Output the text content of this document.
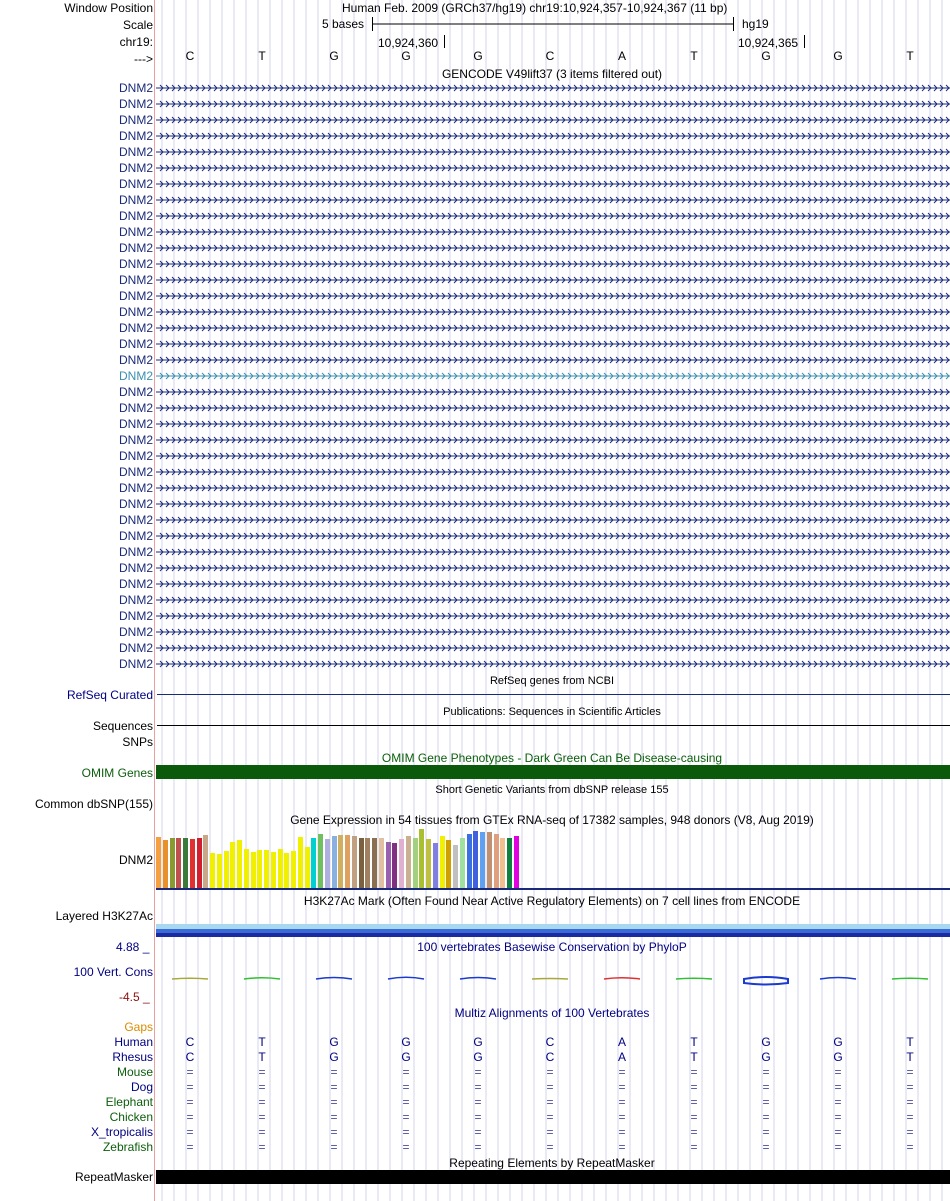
Window Position	Human Feb. 2009 (GRCh37/hg19) chr19:10,924,357-10,924,367 (11 bp)
Scale	5 bases	hg19
chr19:	10,924,360	10,924,365
--->	C	T	G	G	G	C	A	T	G	G	T
GENCODE V49lift37 (3 items filtered out)
DNM2
DNM2
DNM2
DNM2
DNM2
DNM2
DNM2
DNM2
DNM2
DNM2
DNM2
DNM2
DNM2
DNM2
DNM2
DNM2
DNM2
DNM2
DNM2
DNM2
DNM2
DNM2
DNM2
DNM2
DNM2
DNM2
DNM2
DNM2
DNM2
DNM2
DNM2
DNM2
DNM2
DNM2
DNM2
DNM2
DNM2
RefSeq genes from NCBI
RefSeq Curated
Publications: Sequences in Scientific Articles
Sequences
SNPs
OMIM Gene Phenotypes - Dark Green Can Be Disease-causing
OMIM Genes
Short Genetic Variants from dbSNP release 155
Common dbSNP(155)
Gene Expression in 54 tissues from GTEx RNA-seq of 17382 samples, 948 donors (V8, Aug 2019)
DNM2
H3K27Ac Mark (Often Found Near Active Regulatory Elements) on 7 cell lines from ENCODE
Layered H3K27Ac
4.88 _	100 vertebrates Basewise Conservation by PhyloP
100 Vert. Cons
-4.5 _
Multiz Alignments of 100 Vertebrates
Gaps
Human	C	T	G	G	G	C	A	T	G	G	T
Rhesus	C	T	G	G	G	C	A	T	G	G	T
Mouse	=	=	=	=	=	=	=	=	=	=	=
Dog	=	=	=	=	=	=	=	=	=	=	=
Elephant	=	=	=	=	=	=	=	=	=	=	=
Chicken	=	=	=	=	=	=	=	=	=	=	=
X_tropicalis	=	=	=	=	=	=	=	=	=	=	=
Zebrafish	=	=	=	=	=	=	=	=	=	=	=
Repeating Elements by RepeatMasker
RepeatMasker
